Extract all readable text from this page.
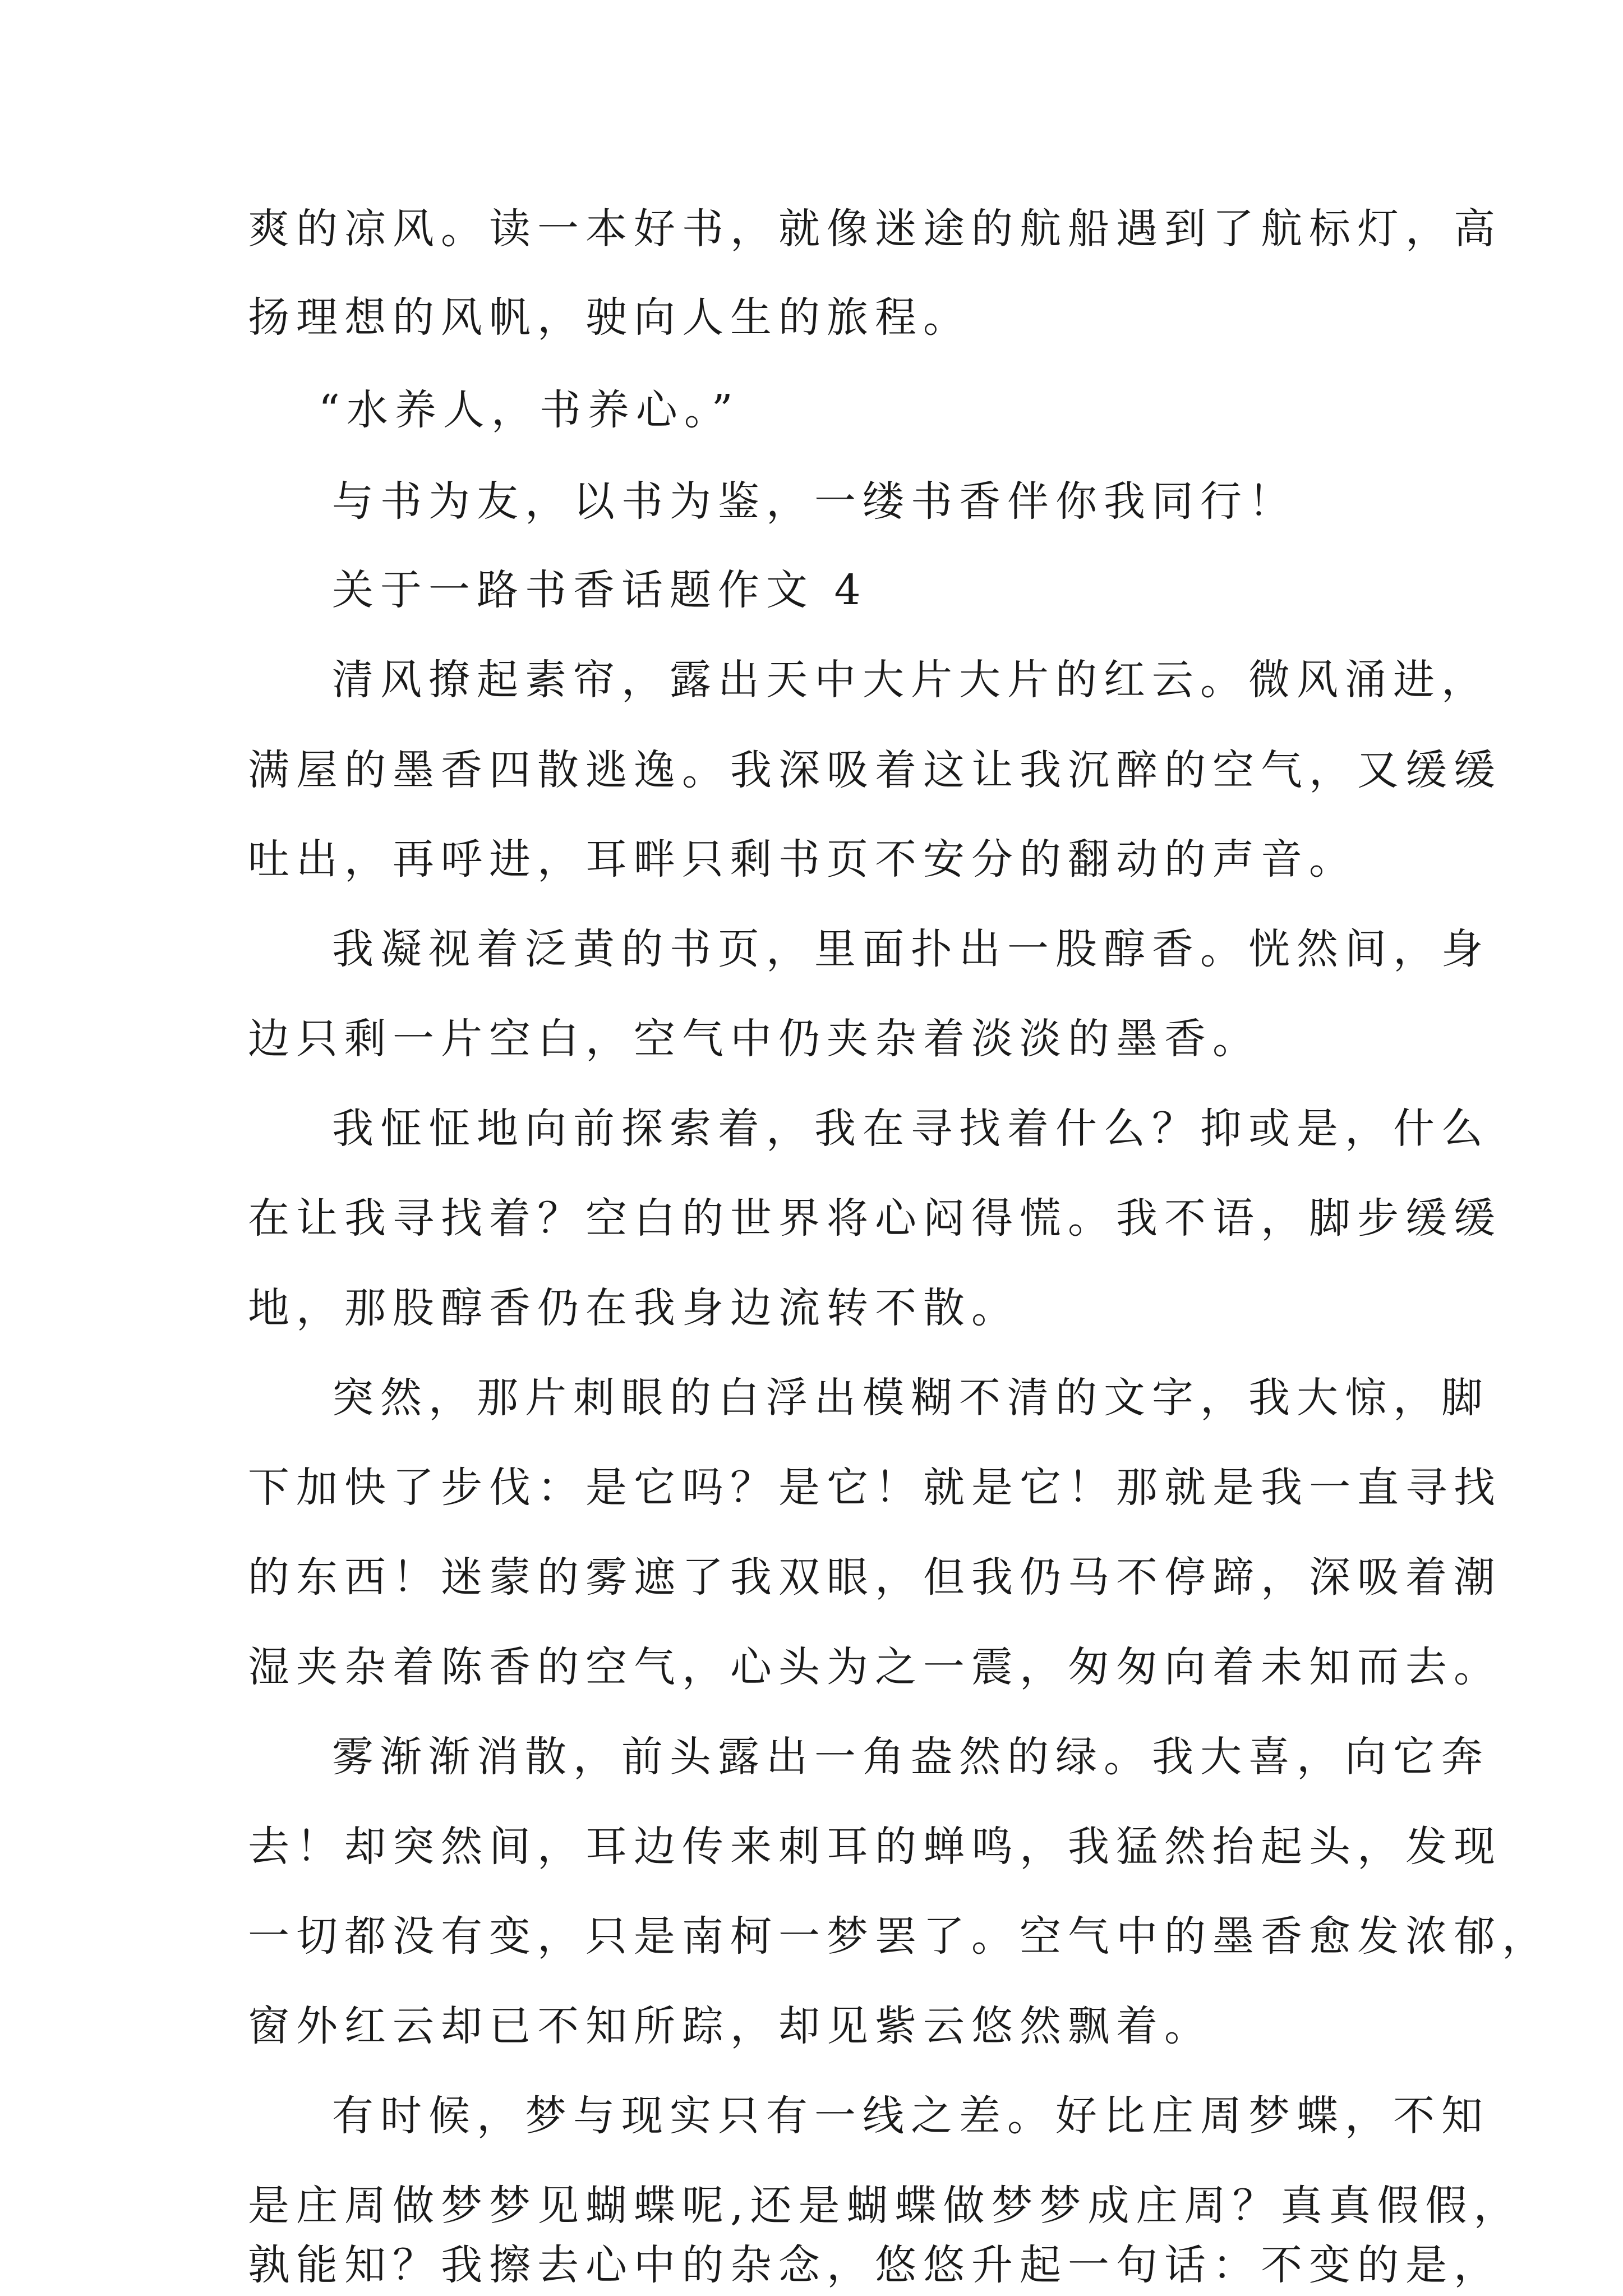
爽的凉风。读一本好书，就像迷途的航船遇到了航标灯，高
扬理想的风帆，驶向人生的旅程。
“水养人，书养心。”
与书为友，以书为鉴，一缕书香伴你我同行！
关于一路书香话题作文 4
清风撩起素帘，露出天中大片大片的红云。微风涌进，
满屋的墨香四散逃逸。我深吸着这让我沉醉的空气，又缓缓
吐出，再呼进，耳畔只剩书页不安分的翻动的声音。
我凝视着泛黄的书页，里面扑出一股醇香。恍然间，身
边只剩一片空白，空气中仍夹杂着淡淡的墨香。
我怔怔地向前探索着，我在寻找着什么？抑或是，什么
在让我寻找着？空白的世界将心闷得慌。我不语，脚步缓缓
地，那股醇香仍在我身边流转不散。
突然，那片刺眼的白浮出模糊不清的文字，我大惊，脚
下加快了步伐：是它吗？是它！就是它！那就是我一直寻找
的东西！迷蒙的雾遮了我双眼，但我仍马不停蹄，深吸着潮
湿夹杂着陈香的空气，心头为之一震，匆匆向着未知而去。
雾渐渐消散，前头露出一角盎然的绿。我大喜，向它奔
去！却突然间，耳边传来刺耳的蝉鸣，我猛然抬起头，发现
一切都没有变，只是南柯一梦罢了。空气中的墨香愈发浓郁，
窗外红云却已不知所踪，却见紫云悠然飘着。
有时候，梦与现实只有一线之差。好比庄周梦蝶，不知
是庄周做梦梦见蝴蝶呢,还是蝴蝶做梦梦成庄周？真真假假，
孰能知？我擦去心中的杂念，悠悠升起一句话：不变的是，
